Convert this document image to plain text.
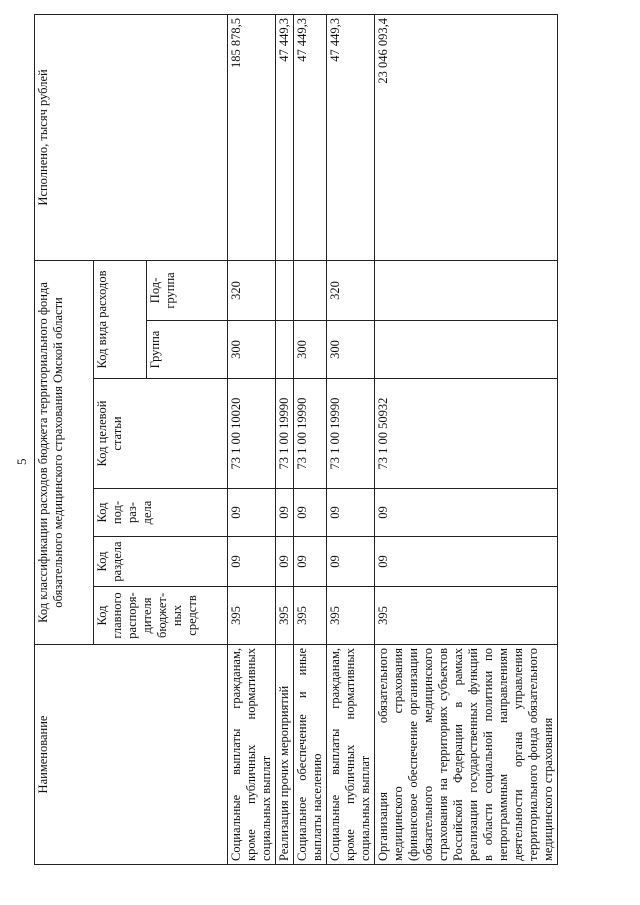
5
Наименование	Код классификации расходов бюджета территориального фонда обязательного медицинского страхования Омской области						Исполнено, тысяч рублей
	Код главного распоря- дителя бюджет- ных средств	Код раздела	Код под- раз- дела	Код целевой статьи	Код вида расходов		
					Группа	Под- группа	
Социальные выплаты гражданам, кроме публичных нормативных социальных выплат	395	09	09	73 1 00 10020	300	320	185 878,5
Реализация прочих мероприятий	395	09	09	73 1 00 19990			47 449,3
Социальное обеспечение и иные выплаты населению	395	09	09	73 1 00 19990	300		47 449,3
Социальные выплаты гражданам, кроме публичных нормативных социальных выплат	395	09	09	73 1 00 19990	300	320	47 449,3
Организация обязательного медицинского страхования (финансовое обеспечение организации обязательного медицинского страхования на территориях субъектов Российской Федерации в рамках реализации государственных функций в области социальной политики по непрограммным направлениям деятельности органа управления территориального фонда обязательного медицинского страхования	395	09	09	73 1 00 50932			23 046 093,4
